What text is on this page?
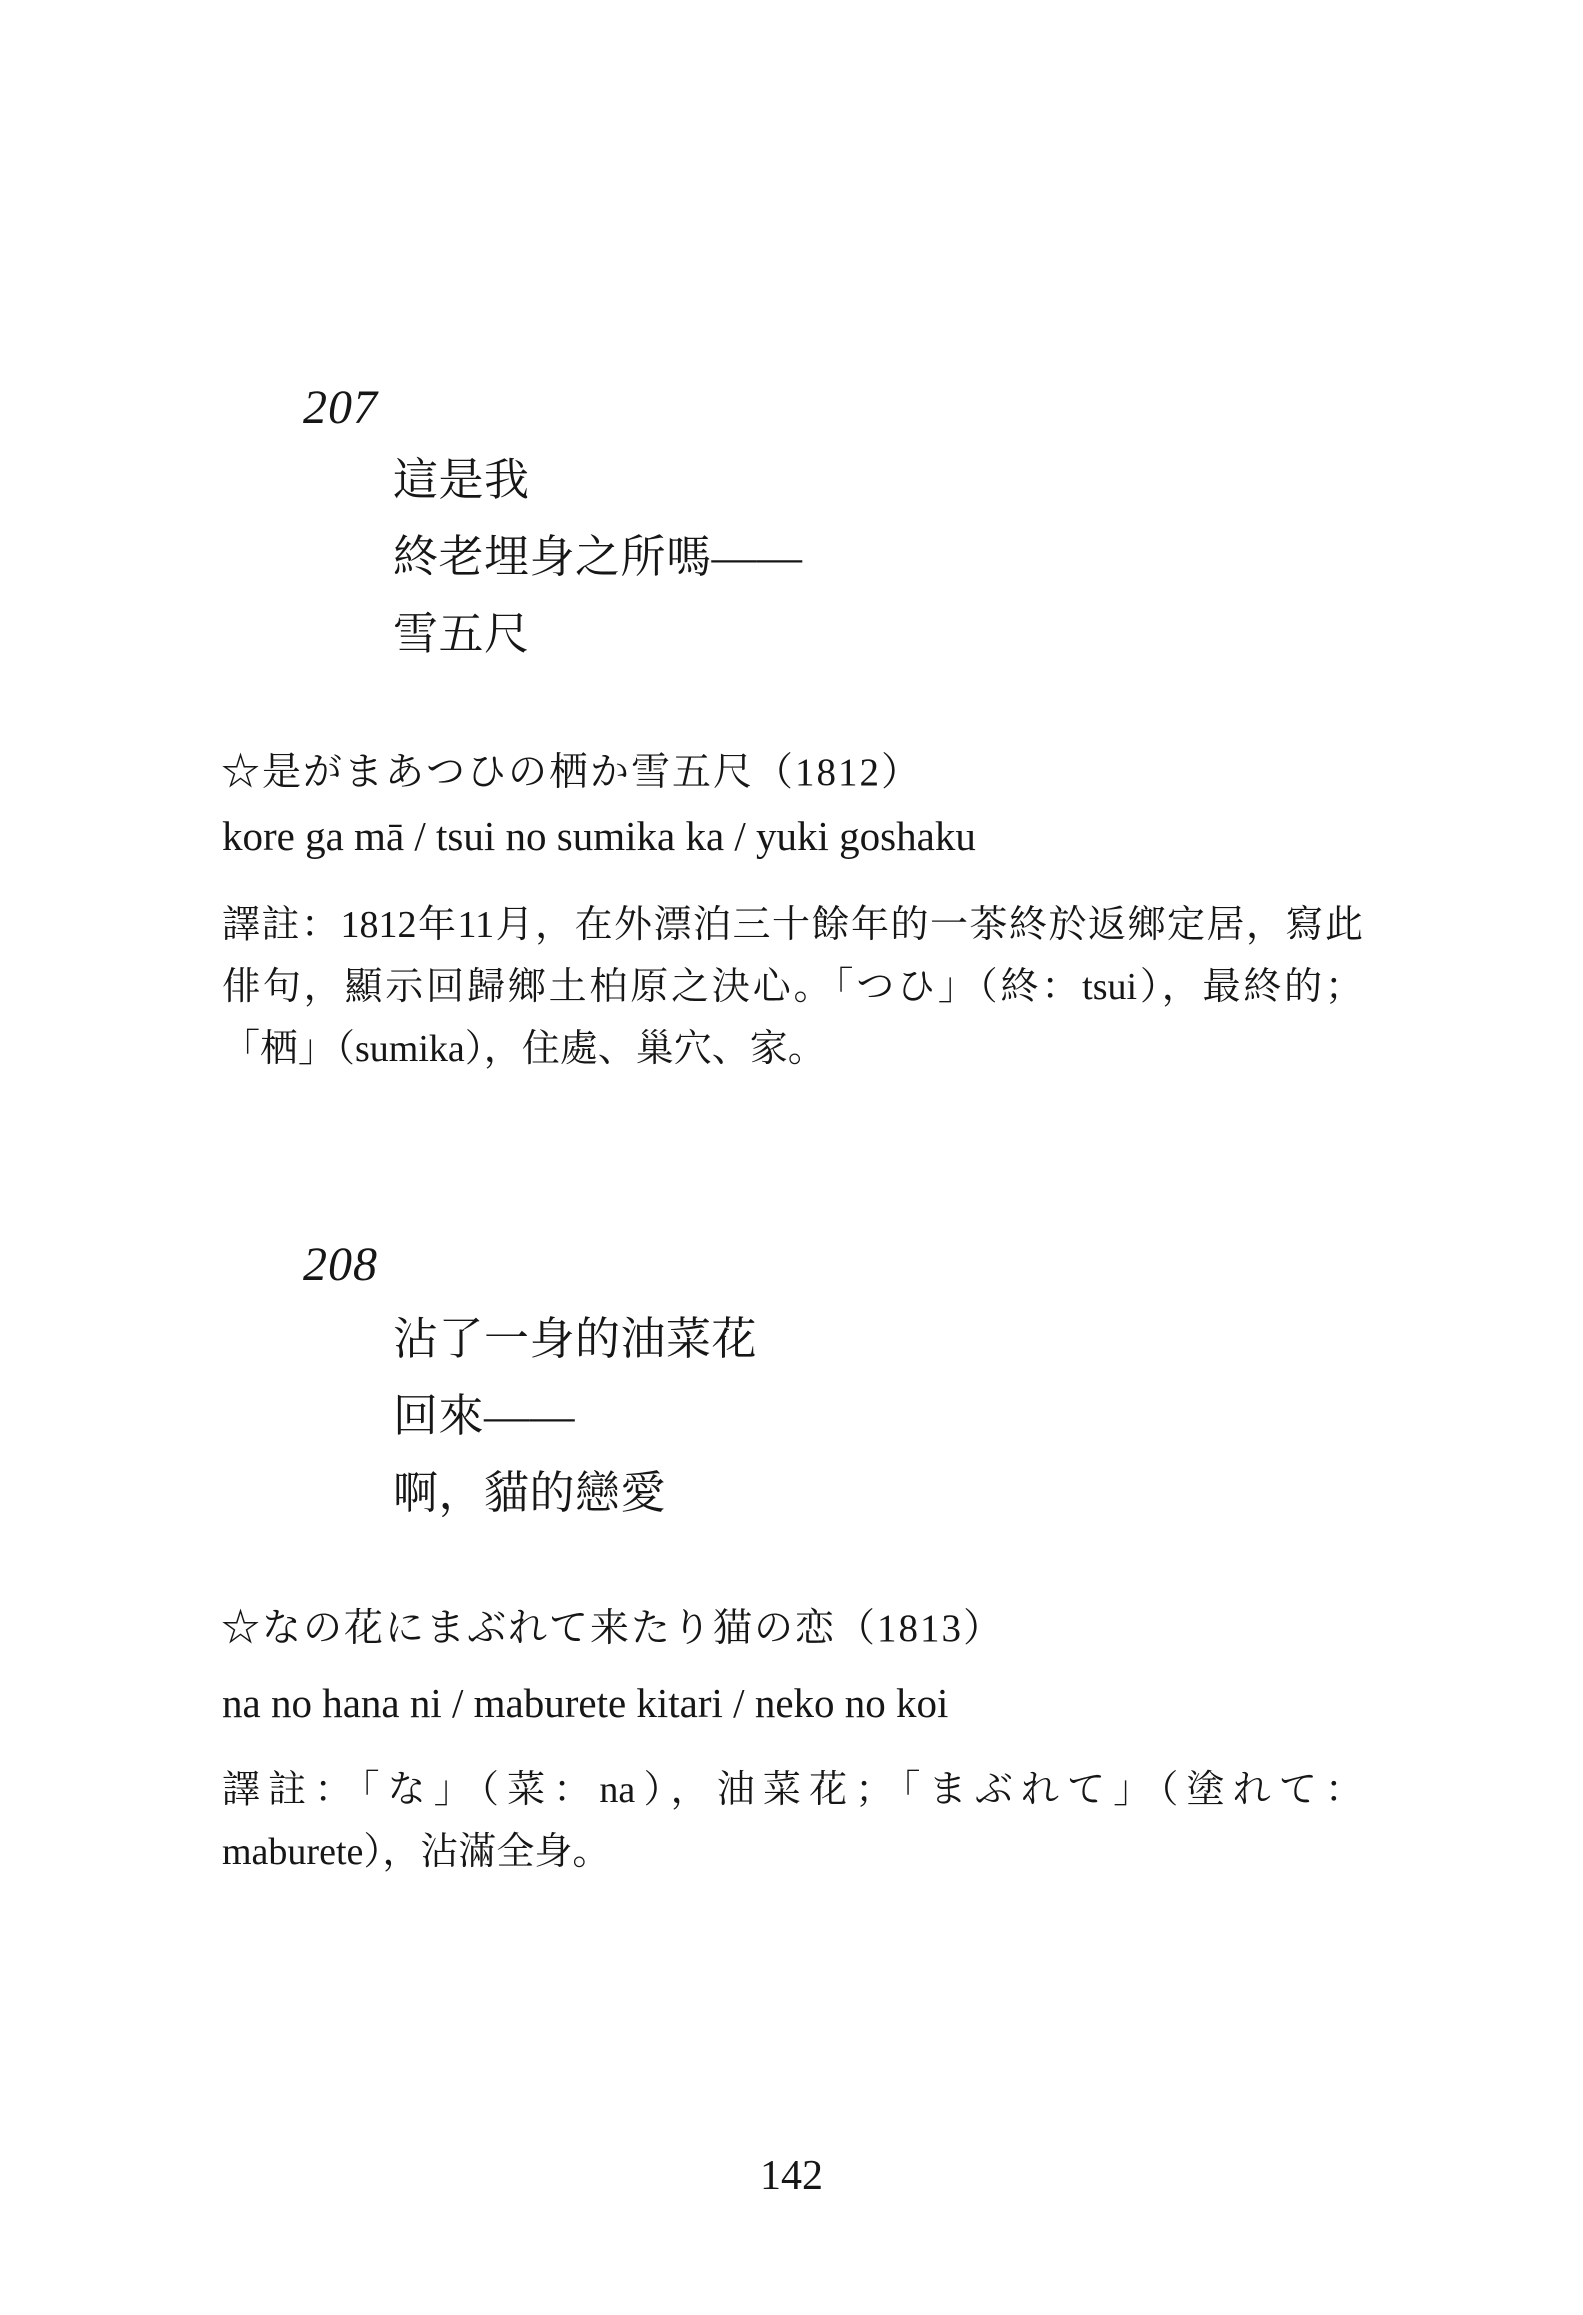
207
這是我
終老埋身之所嗎——
雪五尺
☆是がまあつひの栖か雪五尺（1812）
kore ga mā / tsui no sumika ka / yuki goshaku
譯註：1812年11月，在外漂泊三十餘年的一茶終於返鄉定居，寫此
俳句，顯示回歸鄉土柏原之決心。「つひ」（終：tsui），最終的；
「栖」（sumika），住處、巢穴、家。
208
沾了一身的油菜花
回來——
啊，貓的戀愛
☆なの花にまぶれて来たり猫の恋（1813）
na no hana ni / maburete kitari / neko no koi
譯註：「な」（菜：na），油菜花；「まぶれて」（塗れて：
maburete），沾滿全身。
142
